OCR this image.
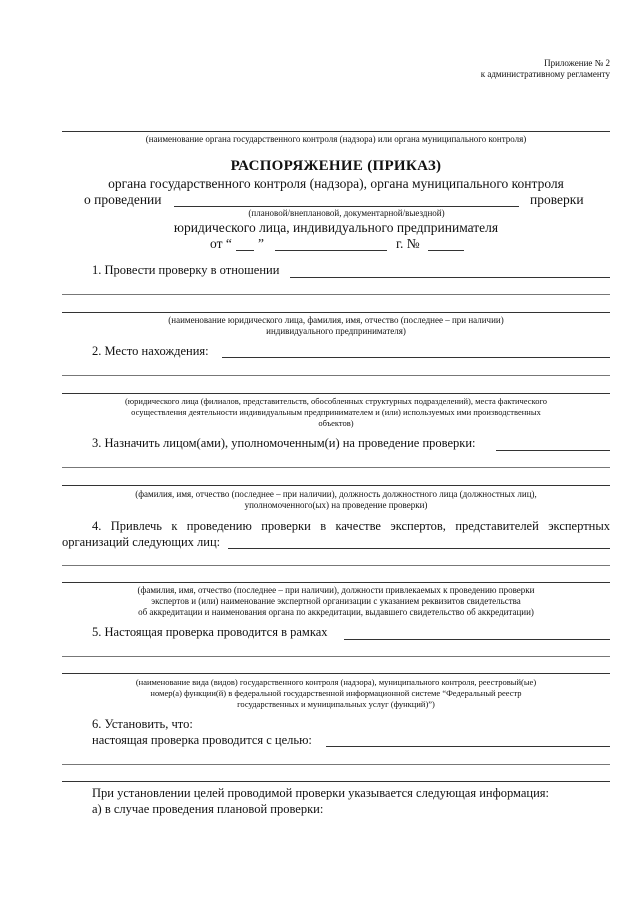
Приложение № 2
к административному регламенту
(наименование органа государственного контроля (надзора) или органа муниципального контроля)
РАСПОРЯЖЕНИЕ (ПРИКАЗ)
органа государственного контроля (надзора), органа муниципального контроля
о проведении	проверки
(плановой/внеплановой, документарной/выездной)
юридического лица, индивидуального предпринимателя
от “ ”	г. №
1. Провести проверку в отношении
(наименование юридического лица, фамилия, имя, отчество (последнее – при наличии)
индивидуального предпринимателя)
2. Место нахождения:
(юридического лица (филиалов, представительств, обособленных структурных подразделений), места фактического
осуществления деятельности индивидуальным предпринимателем и (или) используемых ими производственных
объектов)
3. Назначить лицом(ами), уполномоченным(и) на проведение проверки:
(фамилия, имя, отчество (последнее – при наличии), должность должностного лица (должностных лиц),
уполномоченного(ых) на проведение проверки)
4. Привлечь к проведению проверки в качестве экспертов, представителей экспертных
организаций следующих лиц:
(фамилия, имя, отчество (последнее – при наличии), должности привлекаемых к проведению проверки
экспертов и (или) наименование экспертной организации с указанием реквизитов свидетельства
об аккредитации и наименования органа по аккредитации, выдавшего свидетельство об аккредитации)
5. Настоящая проверка проводится в рамках
(наименование вида (видов) государственного контроля (надзора), муниципального контроля, реестровый(ые)
номер(а) функции(й) в федеральной государственной информационной системе “Федеральный реестр
государственных и муниципальных услуг (функций)”)
6. Установить, что:
настоящая проверка проводится с целью:
При установлении целей проводимой проверки указывается следующая информация:
а) в случае проведения плановой проверки:
